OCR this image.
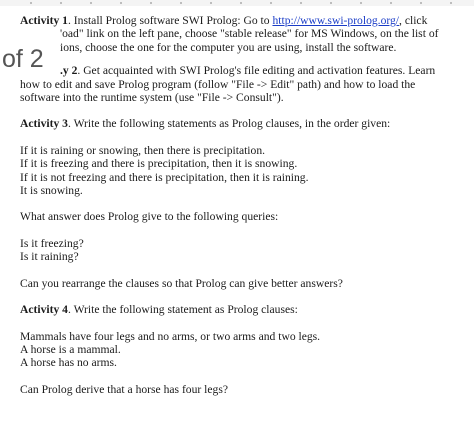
Activity 1. Install Prolog software SWI Prolog: Go to http://www.swi-prolog.org/, click
'oad" link on the left pane, choose "stable release" for MS Windows, on the list of
ions, choose the one for the computer you are using, install the software.
.y 2. Get acquainted with SWI Prolog's file editing and activation features. Learn
how to edit and save Prolog program (follow "File -> Edit" path) and how to load the
software into the runtime system (use "File -> Consult").
Activity 3. Write the following statements as Prolog clauses, in the order given:
If it is raining or snowing, then there is precipitation.
If it is freezing and there is precipitation, then it is snowing.
If it is not freezing and there is precipitation, then it is raining.
It is snowing.
What answer does Prolog give to the following queries:
Is it freezing?
Is it raining?
Can you rearrange the clauses so that Prolog can give better answers?
Activity 4. Write the following statement as Prolog clauses:
Mammals have four legs and no arms, or two arms and two legs.
A horse is a mammal.
A horse has no arms.
Can Prolog derive that a horse has four legs?
of 2
